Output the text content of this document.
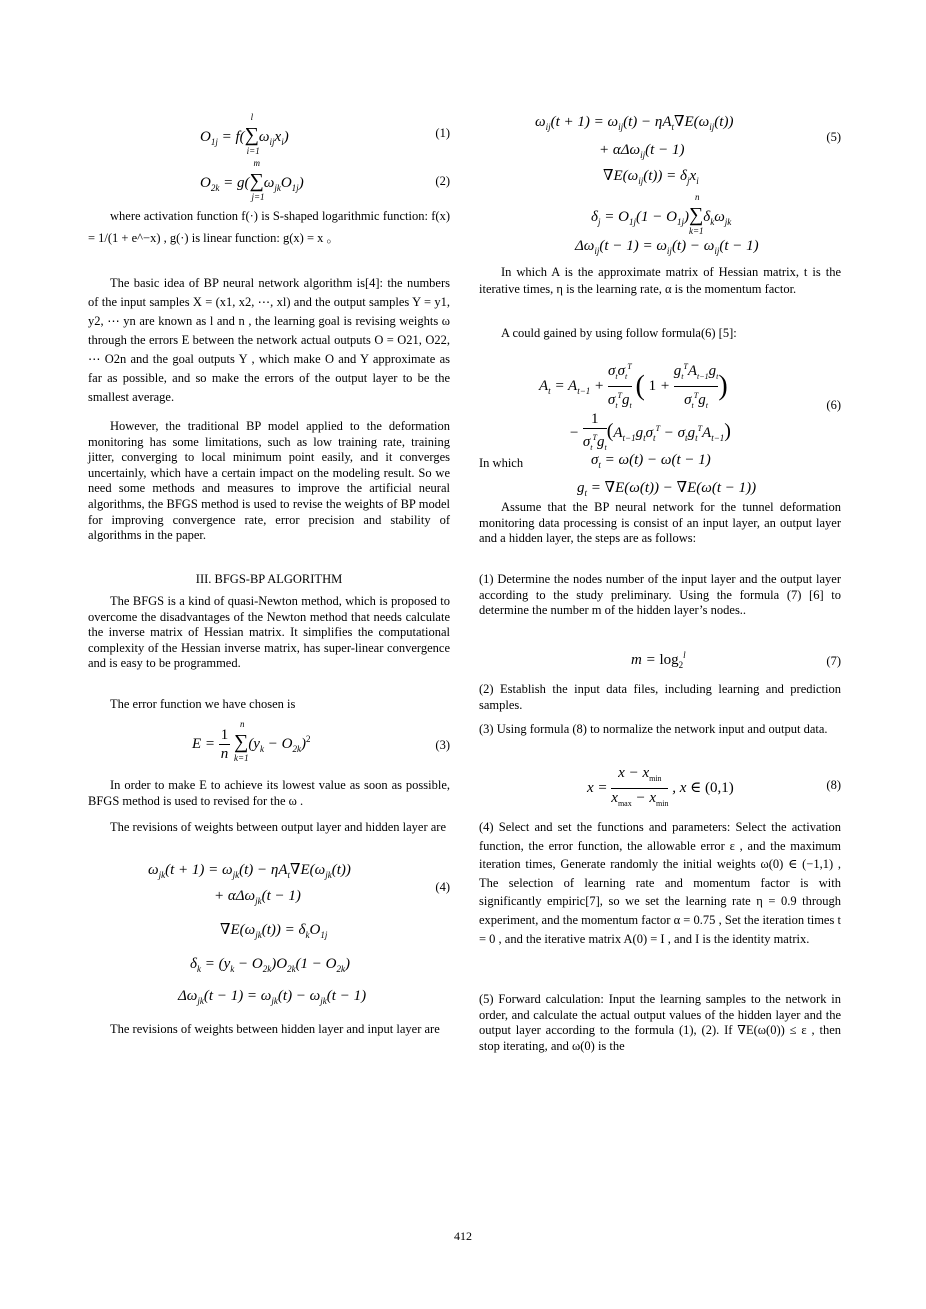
$O_{1j} = f(\sum$
l
i=1
$\omega_{ij}x_i$)	(1)
$O_{2k} = g(\sum$
m
j=1
$\omega_{jk}O_{1j}$)	(2)

where activation function f(·) is S-shaped logarithmic function: f(x) = 1/(1 + e^−x) , g(·) is linear function: g(x) = x 。

The basic idea of BP neural network algorithm is[4]: the numbers of the input samples X = (x1, x2, ⋯, xl) and the output samples Y = y1, y2, ⋯ yn are known as l and n , the learning goal is revising weights ω through the errors E between the network actual outputs O = O21, O22, ⋯ O2n and the goal outputs Y , which make O and Y approximate as far as possible, and so make the errors of the output layer to be the smallest average.

However, the traditional BP model applied to the deformation monitoring has some limitations, such as low training rate, training jitter, converging to local minimum point easily, and it converges uncertainly, which have a certain impact on the modeling result. So we need some methods and measures to improve the artificial neural algorithms, the BFGS method is used to revise the weights of BP model for improving convergence rate, error precision and stability of algorithms in the paper.

III. BFGS-BP ALGORITHM

The BFGS is a kind of quasi-Newton method, which is proposed to overcome the disadvantages of the Newton method that needs calculate the inverse matrix of Hessian matrix. It simplifies the computational complexity of the Hessian inverse matrix, has super-linear convergence and is easy to be programmed.

The error function we have chosen is

$E = \frac{1}{n}$ ∑
n
k=1
$(y_k - O_{2k})^2$	(3)

In order to make E to achieve its lowest value as soon as possible, BFGS method is used to revised for the ω .

The revisions of weights between output layer and hidden layer are

$\omega_{jk}(t + 1) = \omega_{jk}(t) - \eta A_t\nabla E(\omega_{jk}(t))$
+ αΔω$_{jk}$(t − 1)
$\nabla E(\omega_{jk}(t)) = \delta_kO_{1j}$
$\delta_k = (y_k - O_{2k})O_{2k}(1 - O_{2k})$
$\Delta\omega_{jk}(t - 1) = \omega_{jk}(t) - \omega_{jk}(t - 1)$
(4)

The revisions of weights between hidden layer and input layer are

$\omega_{ij}(t + 1) = \omega_{ij}(t) - \eta A_t\nabla E(\omega_{ij}(t))$
+ αΔω$_{ij}$(t − 1)
$\nabla E(\omega_{ij}(t)) = \delta_jx_i$
$\delta_j = O_{1j}(1 - O_{1j})\sum$
n
k=1
$\delta_k\omega_{jk}$
$\Delta\omega_{ij}(t - 1) = \omega_{ij}(t) - \omega_{ij}(t - 1)$
(5)

In which A is the approximate matrix of Hessian matrix, t is the iterative times, η is the learning rate, α is the momentum factor.

A could gained by using follow formula(6) [5]:

$A_t = A_{t-1}$ +
$\sigma_t\sigma_t^T$
$\sigma_t^Tg_t$
( 1 +
$g_t^TA_{t-1}g_t$
$\sigma_t^Tg_t$
)
−
1
$\sigma_t^Tg_t$
$(A_{t-1}g_t\sigma_t^T - \sigma_tg_t^TA_{t-1})$
In which	$\sigma_t = \omega(t) - \omega(t - 1)$
$g_t = \nabla E(\omega(t)) - \nabla E(\omega(t - 1))$
(6)

Assume that the BP neural network for the tunnel deformation monitoring data processing is consist of an input layer, an output layer and a hidden layer, the steps are as follows:

(1) Determine the nodes number of the input layer and the output layer according to the study preliminary. Using the formula (7) [6] to determine the number m of the hidden layer’s nodes..

$m = \log_2^l$	(7)

(2) Establish the input data files, including learning and prediction samples.

(3) Using formula (8) to normalize the network input and output data.

x =
$x - x_{min}$
$x_{max} - x_{min}$
, x ∈ (0,1)	(8)

(4) Select and set the functions and parameters: Select the activation function, the error function, the allowable error ε , and the maximum iteration times, Generate randomly the initial weights ω(0) ∈ (−1,1) , The selection of learning rate and momentum factor is with significantly empiric[7], so we set the learning rate η = 0.9 through experiment, and the momentum factor α = 0.75 , Set the iteration times t = 0 , and the iterative matrix A(0) = I , and I is the identity matrix.

(5) Forward calculation: Input the learning samples to the network in order, and calculate the actual output values of the hidden layer and the output layer according to the formula (1), (2). If ∇E(ω(0)) ≤ ε , then stop iterating, and ω(0) is the

412
